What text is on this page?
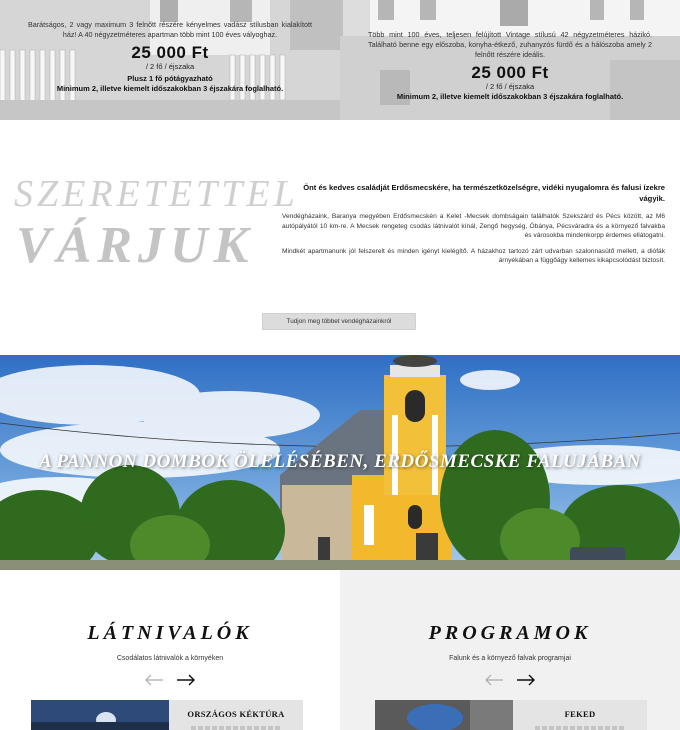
Barátságos, 2 vagy maximum 3 felnőtt részére kényelmes vadász stílusban kialakított ház! A 40 négyzetméteres apartman több mint 100 éves vályoghaz.

25 000 Ft
/ 2 fő / éjszaka
Plusz 1 fő pótágyazható
Minimum 2, illetve kiemelt időszakokban 3 éjszakára foglalható.

Több mint 100 éves, teljesen felújított Vintage stílusú 42 négyzetméteres házikó. Található benne egy előszoba, konyha-étkező, zuhanyzós fürdő és a hálószoba amely 2 felnőtt részére ideális.

25 000 Ft
/ 2 fő / éjszaka
Minimum 2, illetve kiemelt időszakokban 3 éjszakára foglalható.
SZERETETTEL
VÁRJUK

Önt és kedves családját Erdősmecskére, ha természetközelségre, vidéki nyugalomra és falusi ízekre vágyik.

Vendégházaink, Baranya megyében Erdősmecskén a Kelet -Mecsek dombságain találhatók Szekszárd és Pécs között, az M6 autópályától 10 km-re. A Mecsek rengeteg csodás látnivalót kínál, Zengő hegység, Óbánya, Pécsváradra és a környező falvakba és városokba mindenkorpp érdemes ellátogatni.

Mindkét apartmanunk jól felszerelt és minden igényt kielégítő. A házakhoz tartozó zárt udvarban szalonnasütő mellett, a diófák árnyékában a függőágy kellemes kikapcsolódást biztosít.

Tudjon meg többet vendégházainkról
A PANNON DOMBOK ÖLELÉSÉBEN, ERDŐSMECSKE FALUJÁBAN
LÁTNIVALÓK
Csodálatos látnivalók a környéken
ORSZÁGOS KÉKTÚRA
PROGRAMOK
Falunk és a környező falvak programjai
FEKED
